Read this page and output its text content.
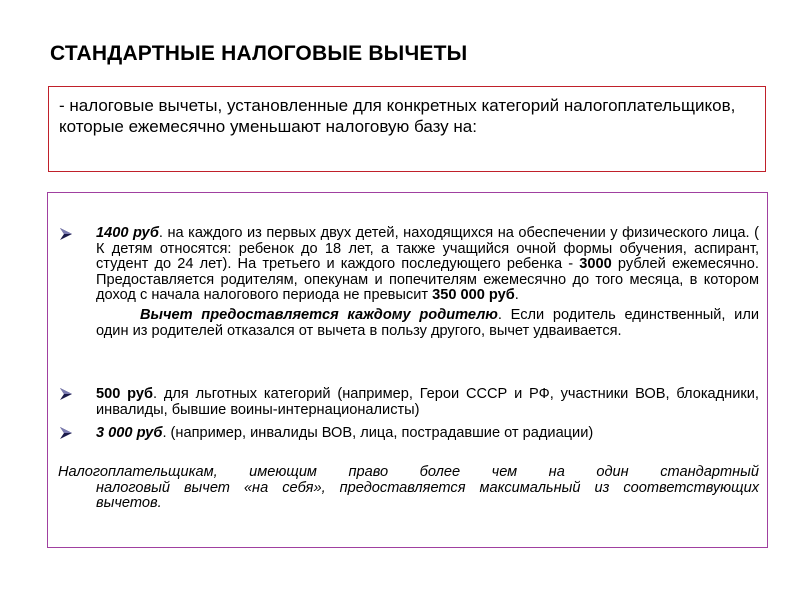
СТАНДАРТНЫЕ НАЛОГОВЫЕ ВЫЧЕТЫ
- налоговые вычеты, установленные для конкретных категорий налогоплательщиков, которые ежемесячно уменьшают налоговую базу на:
1400 руб. на каждого из первых двух детей, находящихся на обеспечении у физического лица. ( К детям относятся: ребенок до 18 лет, а также учащийся очной формы обучения, аспирант, студент до 24 лет). На третьего и каждого последующего ребенка - 3000 рублей ежемесячно. Предоставляется родителям, опекунам и попечителям ежемесячно до того месяца, в котором доход с начала налогового периода не превысит 350 000 руб.
Вычет предоставляется каждому родителю. Если родитель единственный, или один из родителей отказался от вычета в пользу другого, вычет удваивается.
500 руб. для льготных категорий (например, Герои СССР и РФ, участники ВОВ, блокадники, инвалиды, бывшие воины-интернационалисты)
3 000 руб. (например, инвалиды ВОВ, лица, пострадавшие от радиации)
Налогоплательщикам, имеющим право более чем на один стандартный
налоговый вычет «на себя», предоставляется максимальный из соответствующих вычетов.
